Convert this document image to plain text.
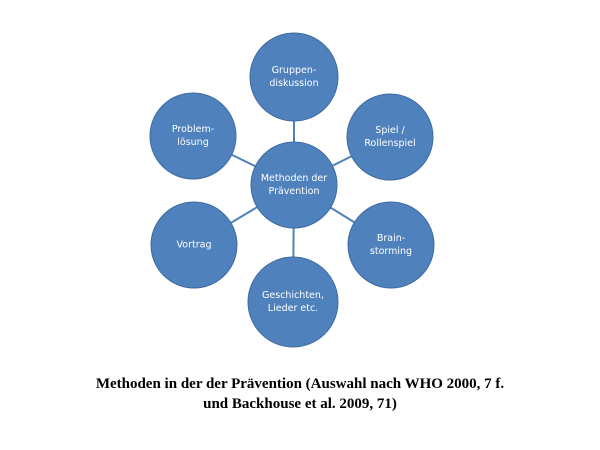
Methoden der
Prävention
Gruppen-
diskussion
Spiel /
Rollenspiel
Brain-
storming
Geschichten,
Lieder etc.
Vortrag
Problem-
lösung
Methoden in der der Prävention (Auswahl nach WHO 2000, 7 f.
und Backhouse et al. 2009, 71)
